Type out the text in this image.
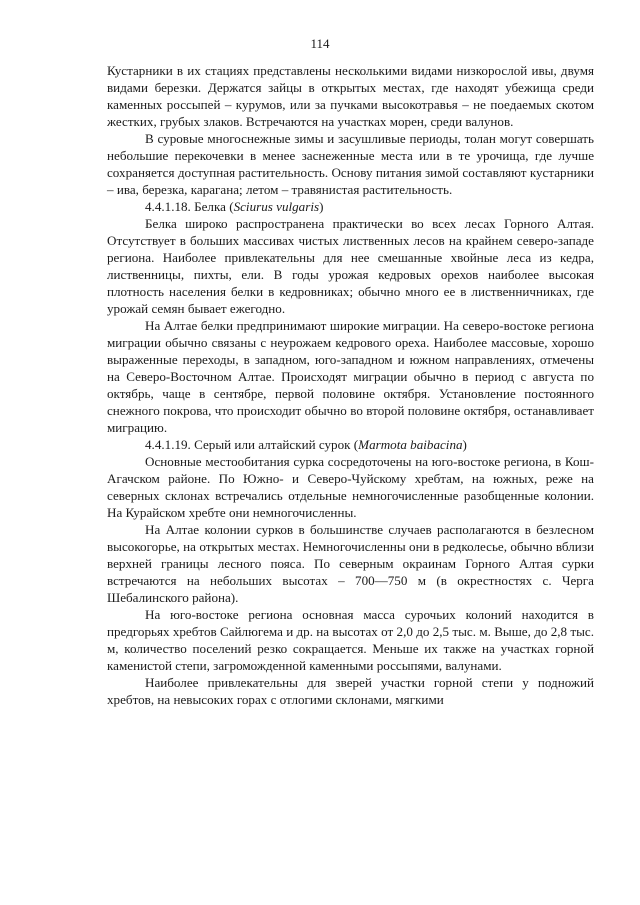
114

Кустарники в их стациях представлены несколькими видами низкорослой ивы, двумя видами березки. Держатся зайцы в открытых местах, где находят убежища среди каменных россыпей – курумов, или за пучками высокотравья – не поедаемых скотом жестких, грубых злаков. Встречаются на участках морен, среди валунов.

В суровые многоснежные зимы и засушливые периоды, толан могут совершать небольшие перекочевки в менее заснеженные места или в те урочища, где лучше сохраняется доступная растительность. Основу питания зимой составляют кустарники – ива, березка, карагана; летом – травянистая растительность.

4.4.1.18. Белка (Sciurus vulgaris)

Белка широко распространена практически во всех лесах Горного Алтая. Отсутствует в больших массивах чистых лиственных лесов на крайнем северо-западе региона. Наиболее привлекательны для нее смешанные хвойные леса из кедра, лиственницы, пихты, ели. В годы урожая кедровых орехов наиболее высокая плотность населения белки в кедровниках; обычно много ее в лиственничниках, где урожай семян бывает ежегодно.

На Алтае белки предпринимают широкие миграции. На северо-востоке региона миграции обычно связаны с неурожаем кедрового ореха. Наиболее массовые, хорошо выраженные переходы, в западном, юго-западном и южном направлениях, отмечены на Северо-Восточном Алтае. Происходят миграции обычно в период с августа по октябрь, чаще в сентябре, первой половине октября. Установление постоянного снежного покрова, что происходит обычно во второй половине октября, останавливает миграцию.

4.4.1.19. Серый или алтайский сурок (Marmota baibacina)

Основные местообитания сурка сосредоточены на юго-востоке региона, в Кош-Агачском районе. По Южно- и Северо-Чуйскому хребтам, на южных, реже на северных склонах встречались отдельные немногочисленные разобщенные колонии. На Курайском хребте они немногочисленны.

На Алтае колонии сурков в большинстве случаев располагаются в безлесном высокогорье, на открытых местах. Немногочисленны они в редколесье, обычно вблизи верхней границы лесного пояса. По северным окраинам Горного Алтая сурки встречаются на небольших высотах – 700—750 м (в окрестностях с. Черга Шебалинского района).

На юго-востоке региона основная масса сурочьих колоний находится в предгорьях хребтов Сайлюгема и др. на высотах от 2,0 до 2,5 тыс. м. Выше, до 2,8 тыс. м, количество поселений резко сокращается. Меньше их также на участках горной каменистой степи, загроможденной каменными россыпями, валунами.

Наиболее привлекательны для зверей участки горной степи у подножий хребтов, на невысоких горах с отлогими склонами, мягкими
